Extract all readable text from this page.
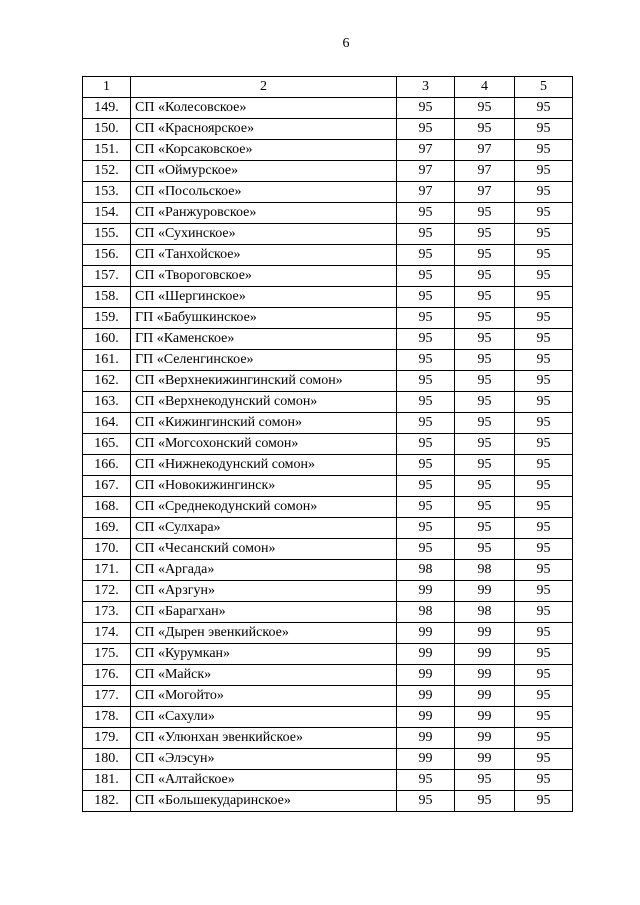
6
1	2	3	4	5
149.	СП «Колесовское»	95	95	95
150.	СП «Красноярское»	95	95	95
151.	СП «Корсаковское»	97	97	95
152.	СП «Оймурское»	97	97	95
153.	СП «Посольское»	97	97	95
154.	СП «Ранжуровское»	95	95	95
155.	СП «Сухинское»	95	95	95
156.	СП «Танхойское»	95	95	95
157.	СП «Твороговское»	95	95	95
158.	СП «Шергинское»	95	95	95
159.	ГП «Бабушкинское»	95	95	95
160.	ГП «Каменское»	95	95	95
161.	ГП «Селенгинское»	95	95	95
162.	СП «Верхнекижингинский сомон»	95	95	95
163.	СП «Верхнекодунский сомон»	95	95	95
164.	СП «Кижингинский сомон»	95	95	95
165.	СП «Могсохонский сомон»	95	95	95
166.	СП «Нижнекодунский сомон»	95	95	95
167.	СП «Новокижингинск»	95	95	95
168.	СП «Среднекодунский сомон»	95	95	95
169.	СП «Сулхара»	95	95	95
170.	СП «Чесанский сомон»	95	95	95
171.	СП «Аргада»	98	98	95
172.	СП «Арзгун»	99	99	95
173.	СП «Барагхан»	98	98	95
174.	СП «Дырен эвенкийское»	99	99	95
175.	СП «Курумкан»	99	99	95
176.	СП «Майск»	99	99	95
177.	СП «Могойто»	99	99	95
178.	СП «Сахули»	99	99	95
179.	СП «Улюнхан эвенкийское»	99	99	95
180.	СП «Элэсун»	99	99	95
181.	СП «Алтайское»	95	95	95
182.	СП «Большекударинское»	95	95	95
